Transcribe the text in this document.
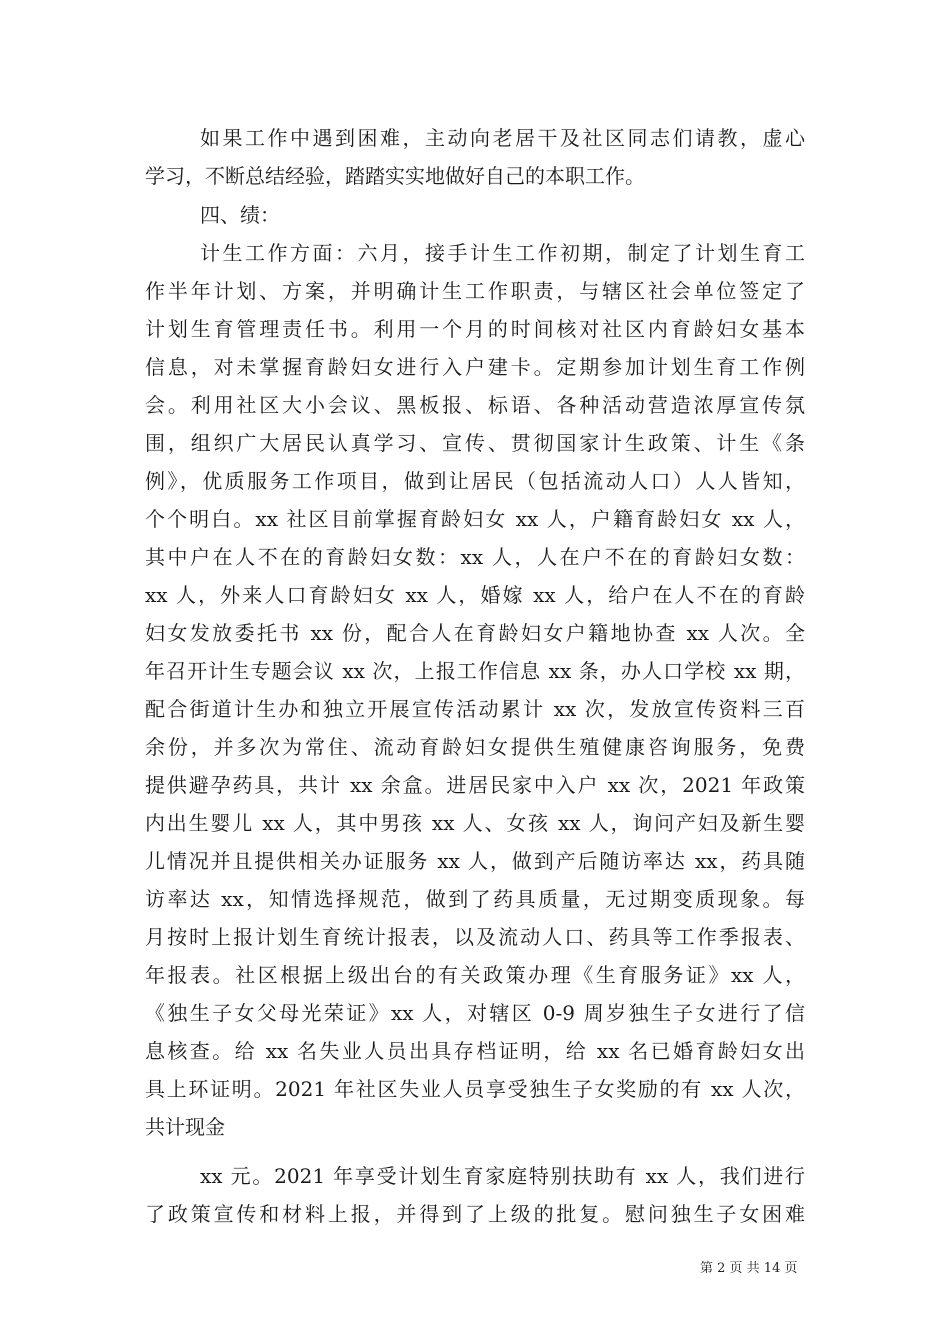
如果工作中遇到困难，主动向老居干及社区同志们请教，虚心
学习，不断总结经验，踏踏实实地做好自己的本职工作。
四、绩：
计生工作方面：六月，接手计生工作初期，制定了计划生育工
作半年计划、方案，并明确计生工作职责，与辖区社会单位签定了
计划生育管理责任书。利用一个月的时间核对社区内育龄妇女基本
信息，对未掌握育龄妇女进行入户建卡。定期参加计划生育工作例
会。利用社区大小会议、黑板报、标语、各种活动营造浓厚宣传氛
围，组织广大居民认真学习、宣传、贯彻国家计生政策、计生《条
例》，优质服务工作项目，做到让居民（包括流动人口）人人皆知，
个个明白。xx 社区目前掌握育龄妇女 xx 人，户籍育龄妇女 xx 人，
其中户在人不在的育龄妇女数：xx 人，人在户不在的育龄妇女数：
xx 人，外来人口育龄妇女 xx 人，婚嫁 xx 人，给户在人不在的育龄
妇女发放委托书 xx 份，配合人在育龄妇女户籍地协查 xx 人次。全
年召开计生专题会议 xx 次，上报工作信息 xx 条，办人口学校 xx 期，
配合街道计生办和独立开展宣传活动累计 xx 次，发放宣传资料三百
余份，并多次为常住、流动育龄妇女提供生殖健康咨询服务，免费
提供避孕药具，共计 xx 余盒。进居民家中入户 xx 次，2021 年政策
内出生婴儿 xx 人，其中男孩 xx 人、女孩 xx 人，询问产妇及新生婴
儿情况并且提供相关办证服务 xx 人，做到产后随访率达 xx，药具随
访率达 xx，知情选择规范，做到了药具质量，无过期变质现象。每
月按时上报计划生育统计报表，以及流动人口、药具等工作季报表、
年报表。社区根据上级出台的有关政策办理《生育服务证》xx 人，
《独生子女父母光荣证》xx 人，对辖区 0-9 周岁独生子女进行了信
息核查。给 xx 名失业人员出具存档证明，给 xx 名已婚育龄妇女出
具上环证明。2021 年社区失业人员享受独生子女奖励的有 xx 人次，
共计现金
xx 元。2021 年享受计划生育家庭特别扶助有 xx 人，我们进行
了政策宣传和材料上报，并得到了上级的批复。慰问独生子女困难
第 2 页 共 14 页
